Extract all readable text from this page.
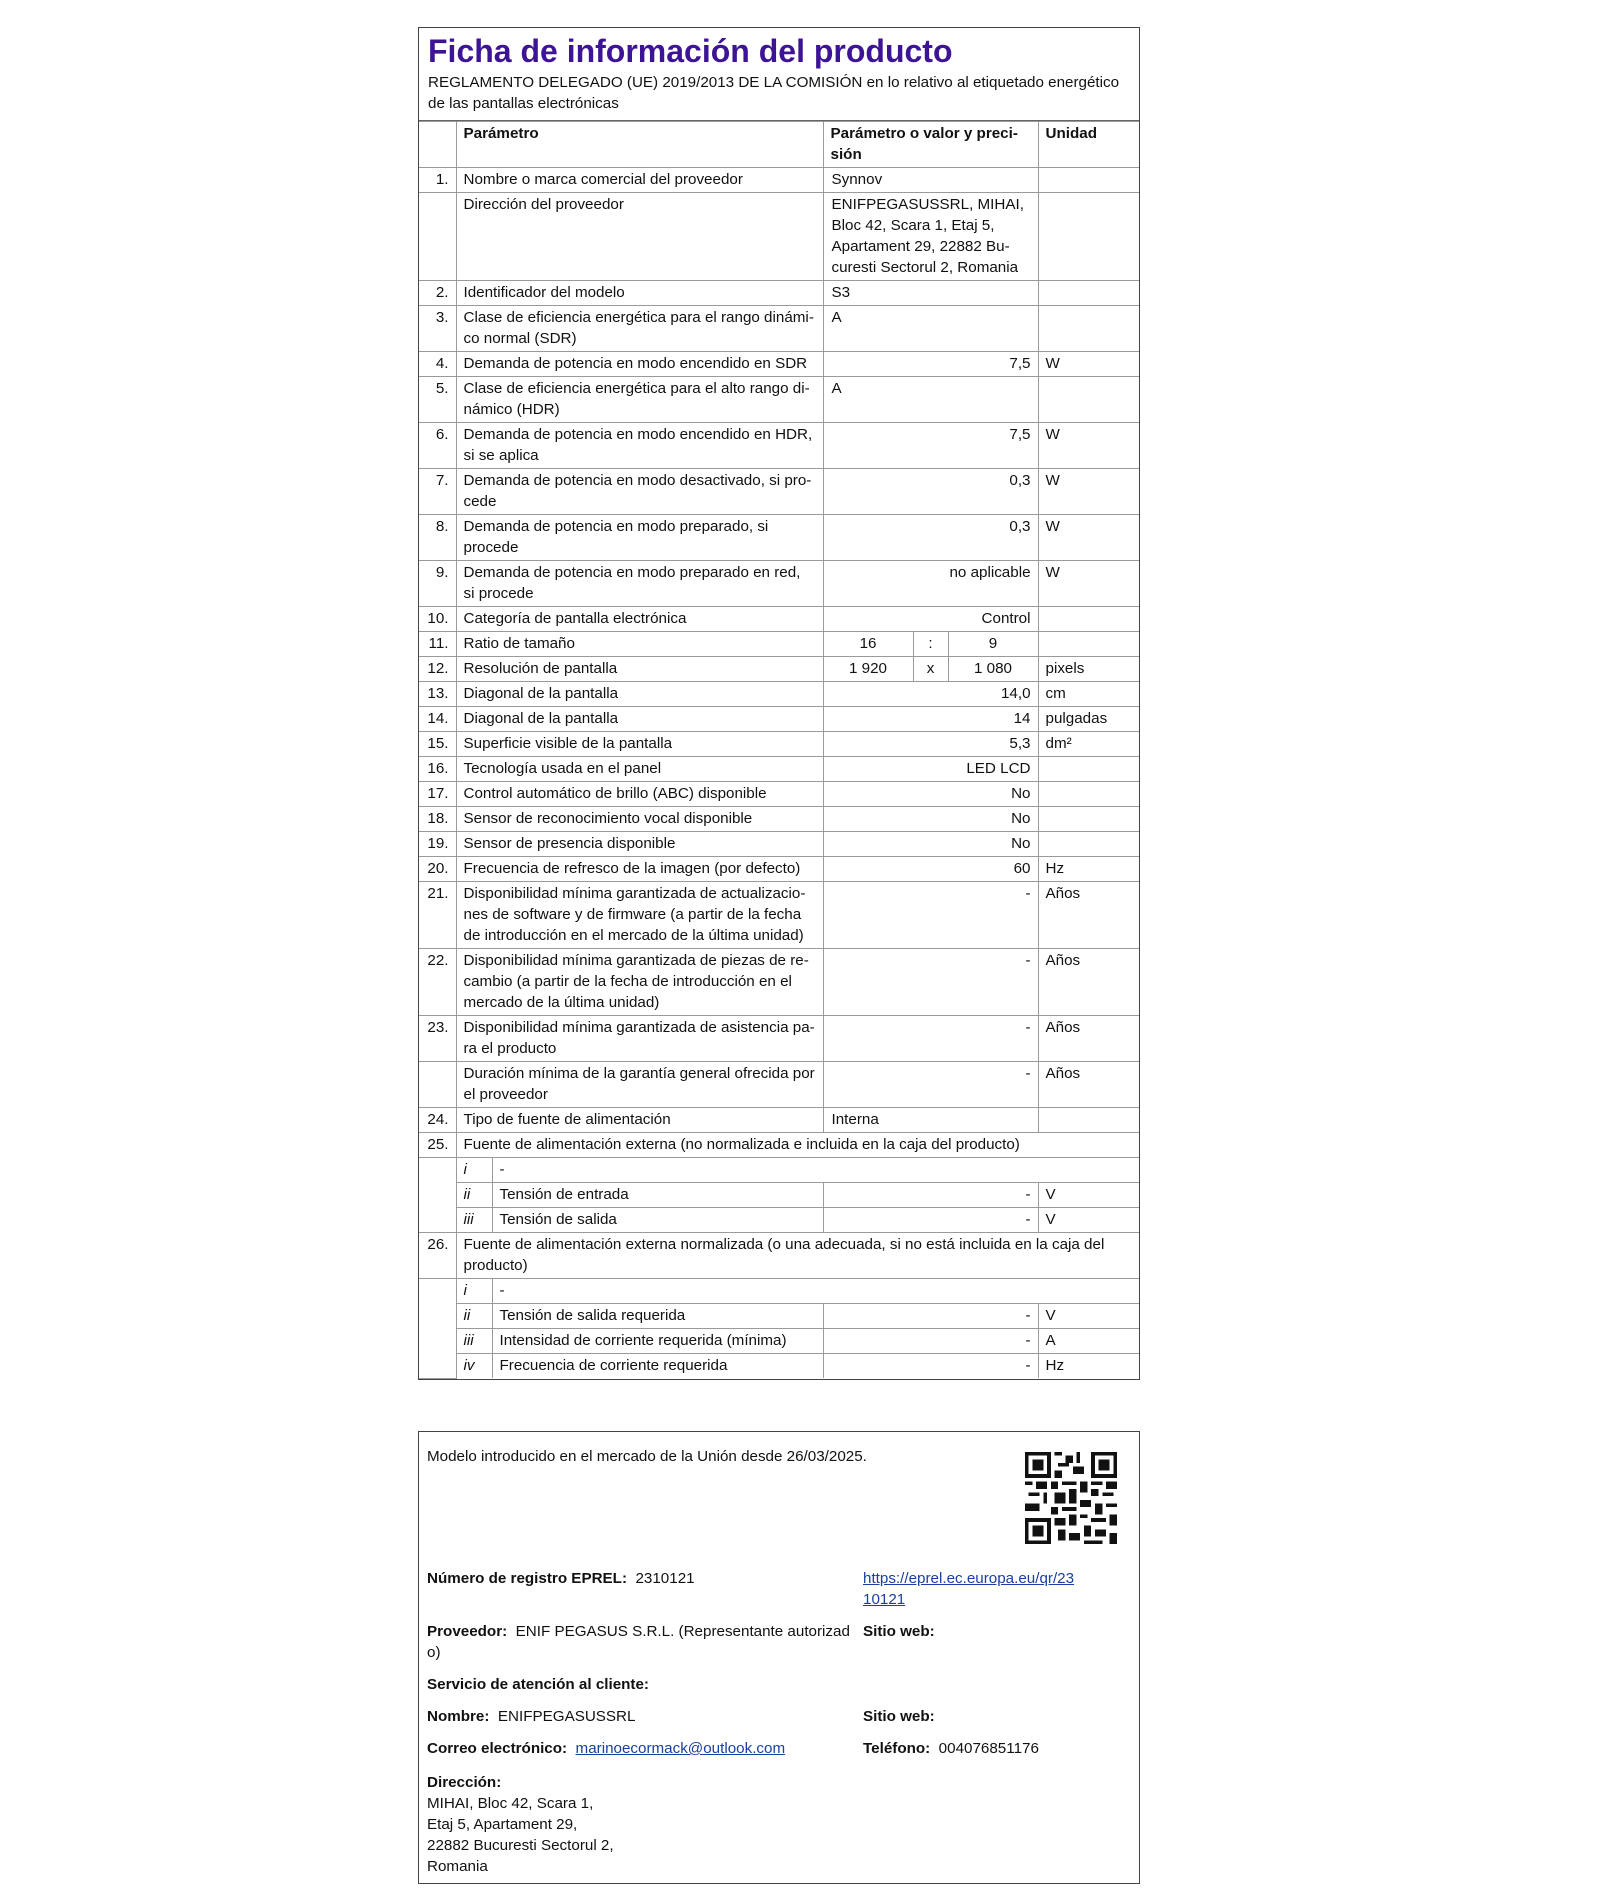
Ficha de información del producto
REGLAMENTO DELEGADO (UE) 2019/2013 DE LA COMISIÓN en lo relativo al etiquetado energético de las pantallas electrónicas
	Parámetro		Parámetro o valor y precisión			Unidad
1.	Nombre o marca comercial del proveedor		Synnov			
	Dirección del proveedor		ENIFPEGASUSSRL, MIHAI, Bloc 42, Scara 1, Etaj 5, Apartament 29, 22882 Bucuresti Sectorul 2, Romania			
2.	Identificador del modelo		S3			
3.	Clase de eficiencia energética para el rango dinámico normal (SDR)		A			
4.	Demanda de potencia en modo encendido en SDR		7,5			W
5.	Clase de eficiencia energética para el alto rango dinámico (HDR)		A			
6.	Demanda de potencia en modo encendido en HDR, si se aplica		7,5			W
7.	Demanda de potencia en modo desactivado, si procede		0,3			W
8.	Demanda de potencia en modo preparado, si procede		0,3			W
9.	Demanda de potencia en modo preparado en red, si procede		no aplicable			W
10.	Categoría de pantalla electrónica		Control			
11.	Ratio de tamaño		16	:	9	
12.	Resolución de pantalla		1 920	x	1 080	pixels
13.	Diagonal de la pantalla		14,0			cm
14.	Diagonal de la pantalla		14			pulgadas
15.	Superficie visible de la pantalla		5,3			dm²
16.	Tecnología usada en el panel		LED LCD			
17.	Control automático de brillo (ABC) disponible		No			
18.	Sensor de reconocimiento vocal disponible		No			
19.	Sensor de presencia disponible		No			
20.	Frecuencia de refresco de la imagen (por defecto)		60			Hz
21.	Disponibilidad mínima garantizada de actualizaciones de software y de firmware (a partir de la fecha de introducción en el mercado de la última unidad)		-			Años
22.	Disponibilidad mínima garantizada de piezas de recambio (a partir de la fecha de introducción en el mercado de la última unidad)		-			Años
23.	Disponibilidad mínima garantizada de asistencia para el producto		-			Años
	Duración mínima de la garantía general ofrecida por el proveedor		-			Años
24.	Tipo de fuente de alimentación		Interna			
25.	Fuente de alimentación externa (no normalizada e incluida en la caja del producto)					
	i	-				
	ii	Tensión de entrada	-			V
	iii	Tensión de salida	-			V
26.	Fuente de alimentación externa normalizada (o una adecuada, si no está incluida en la caja del producto)					
	i	-				
	ii	Tensión de salida requerida	-			V
	iii	Intensidad de corriente requerida (mínima)	-			A
	iv	Frecuencia de corriente requerida	-			Hz
Modelo introducido en el mercado de la Unión desde 26/03/2025.
Número de registro EPREL: 2310121	https://eprel.ec.europa.eu/qr/23
10121
Proveedor: ENIF PEGASUS S.R.L. (Representante autorizad
o)
Sitio web:
Servicio de atención al cliente:
Nombre: ENIFPEGASUSSRL	Sitio web:
Correo electrónico: marinoecormack@outlook.com	Teléfono: 004076851176
Dirección:
MIHAI, Bloc 42, Scara 1,
Etaj 5, Apartament 29,
22882 Bucuresti Sectorul 2,
Romania
